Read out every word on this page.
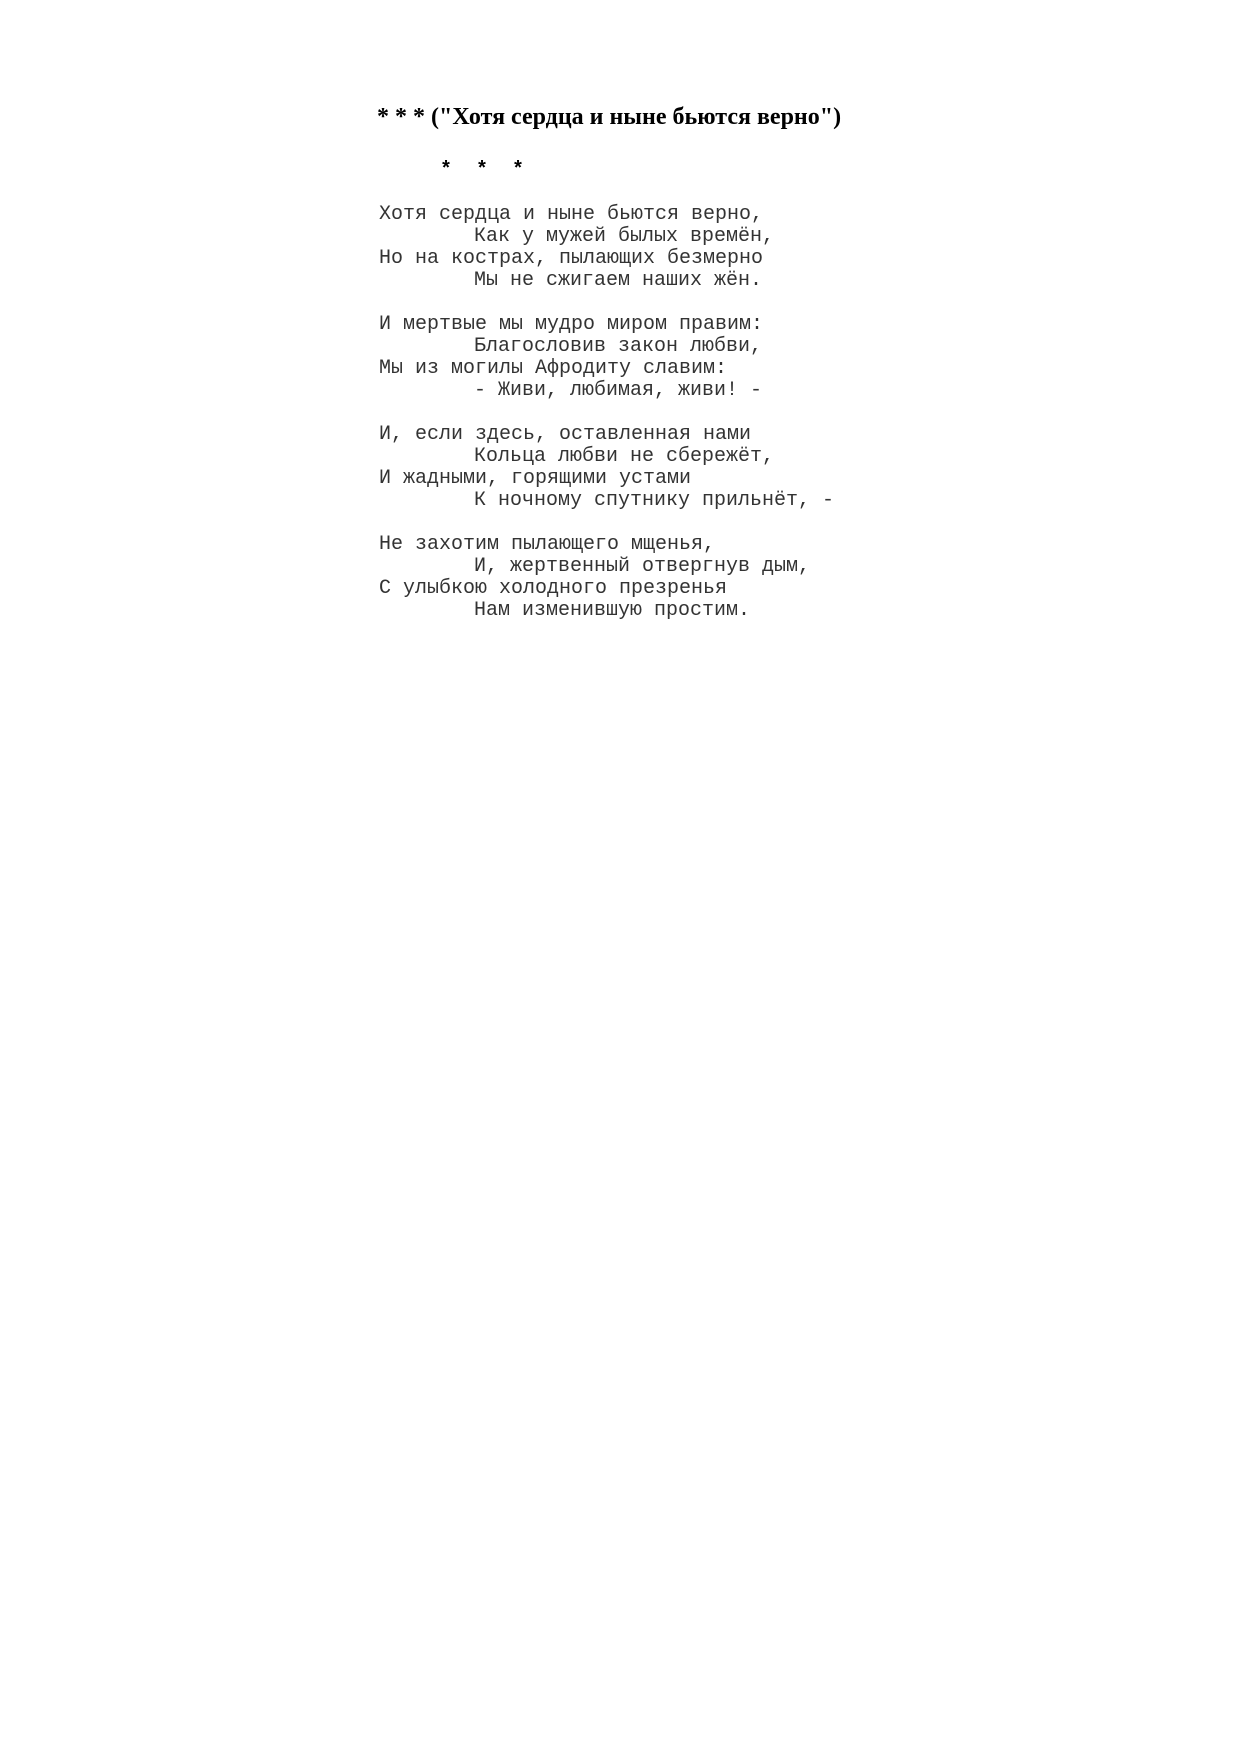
* * * ("Хотя сердца и ныне бьются верно")
*  *  *
Хотя сердца и ныне бьются верно,
Как у мужей былых времён,
Но на кострах, пылающих безмерно
Мы не сжигаем наших жён.
И мертвые мы мудро миром правим:
Благословив закон любви,
Мы из могилы Афродиту славим:
- Живи, любимая, живи! -
И, если здесь, оставленная нами
Кольца любви не сбережёт,
И жадными, горящими устами
К ночному спутнику прильнёт, -
Не захотим пылающего мщенья,
И, жертвенный отвергнув дым,
С улыбкою холодного презренья
Нам изменившую простим.
